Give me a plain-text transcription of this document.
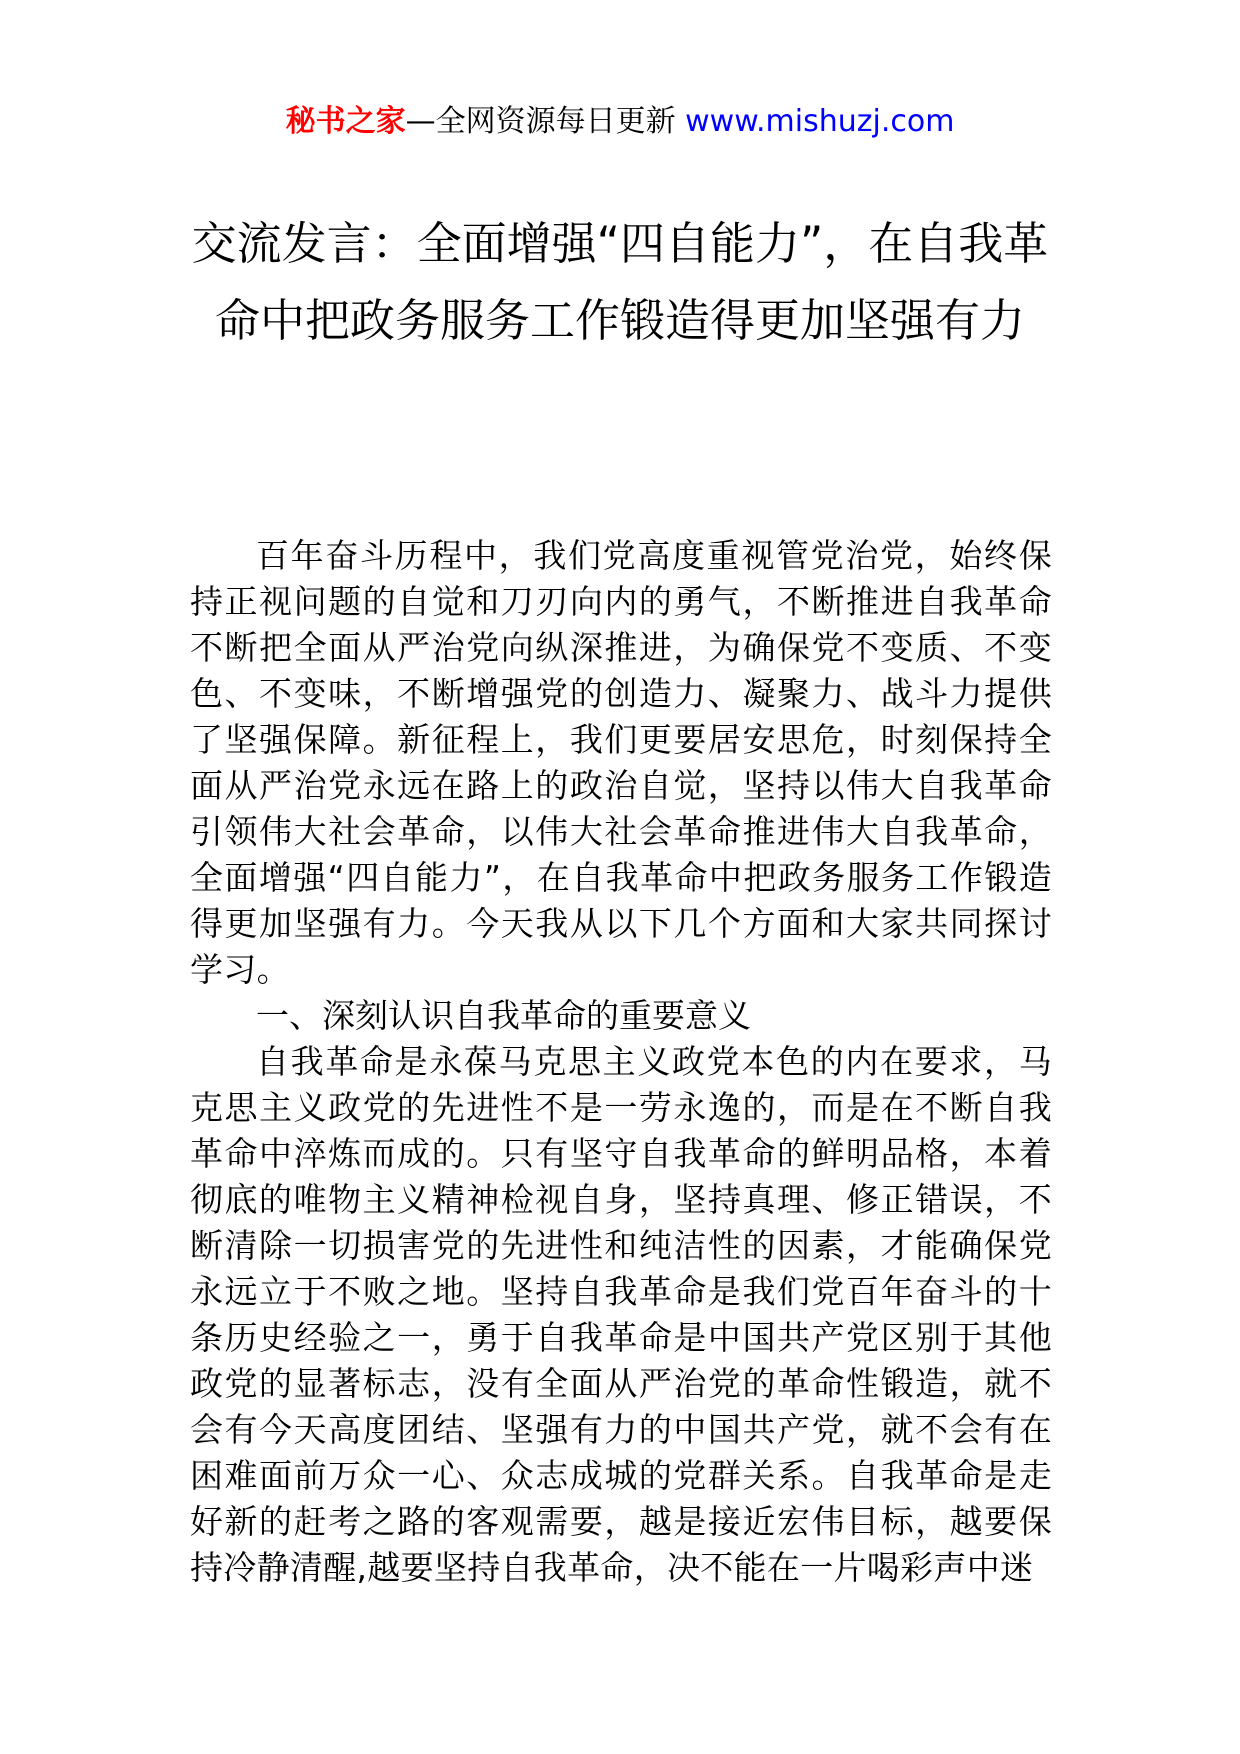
秘书之家—全网资源每日更新 www.mishuzj.com
交流发言：全面增强“四自能力”，在自我革命中把政务服务工作锻造得更加坚强有力

百年奋斗历程中，我们党高度重视管党治党，始终保持正视问题的自觉和刀刃向内的勇气，不断推进自我革命不断把全面从严治党向纵深推进，为确保党不变质、不变色、不变味，不断增强党的创造力、凝聚力、战斗力提供了坚强保障。新征程上，我们更要居安思危，时刻保持全面从严治党永远在路上的政治自觉，坚持以伟大自我革命引领伟大社会革命，以伟大社会革命推进伟大自我革命，全面增强“四自能力”，在自我革命中把政务服务工作锻造得更加坚强有力。今天我从以下几个方面和大家共同探讨学习。

一、深刻认识自我革命的重要意义

自我革命是永葆马克思主义政党本色的内在要求，马克思主义政党的先进性不是一劳永逸的，而是在不断自我革命中淬炼而成的。只有坚守自我革命的鲜明品格，本着彻底的唯物主义精神检视自身，坚持真理、修正错误，不断清除一切损害党的先进性和纯洁性的因素，才能确保党永远立于不败之地。坚持自我革命是我们党百年奋斗的十条历史经验之一，勇于自我革命是中国共产党区别于其他政党的显著标志，没有全面从严治党的革命性锻造，就不会有今天高度团结、坚强有力的中国共产党，就不会有在困难面前万众一心、众志成城的党群关系。自我革命是走好新的赶考之路的客观需要，越是接近宏伟目标，越要保持冷静清醒,越要坚持自我革命，决不能在一片喝彩声中迷
